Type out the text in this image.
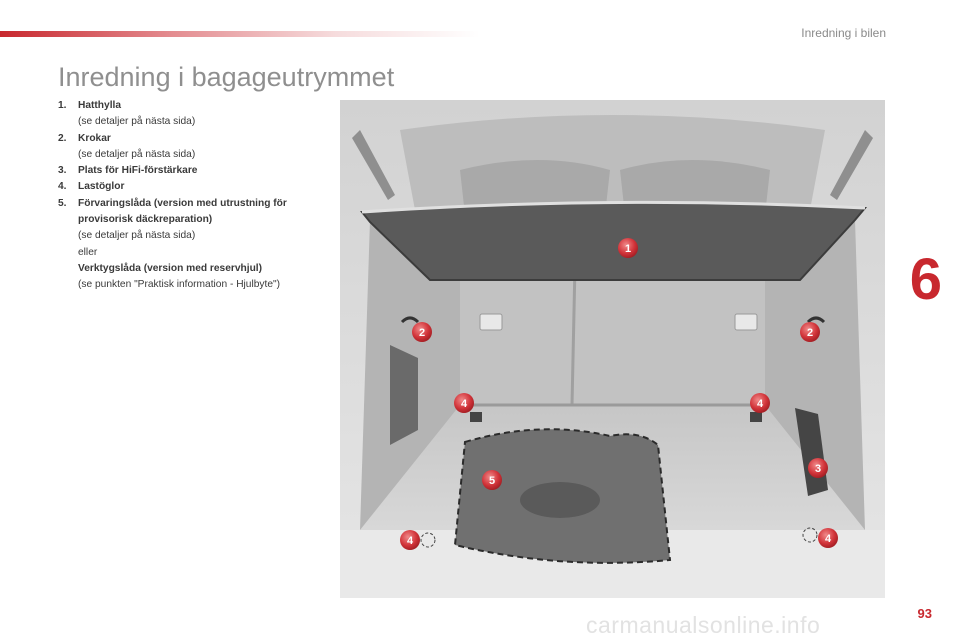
Inredning i bilen
Inredning i bagageutrymmet
1. Hatthylla
(se detaljer på nästa sida)
2. Krokar
(se detaljer på nästa sida)
3. Plats för HiFi-förstärkare
4. Lastöglor
5. Förvaringslåda (version med utrustning för provisorisk däckreparation)
(se detaljer på nästa sida)
eller
Verktygslåda (version med reservhjul)
(se punkten "Praktisk information - Hjulbyte")	6
1
2	2
3
4	4
4	4
5
carmanualsonline.info	93
